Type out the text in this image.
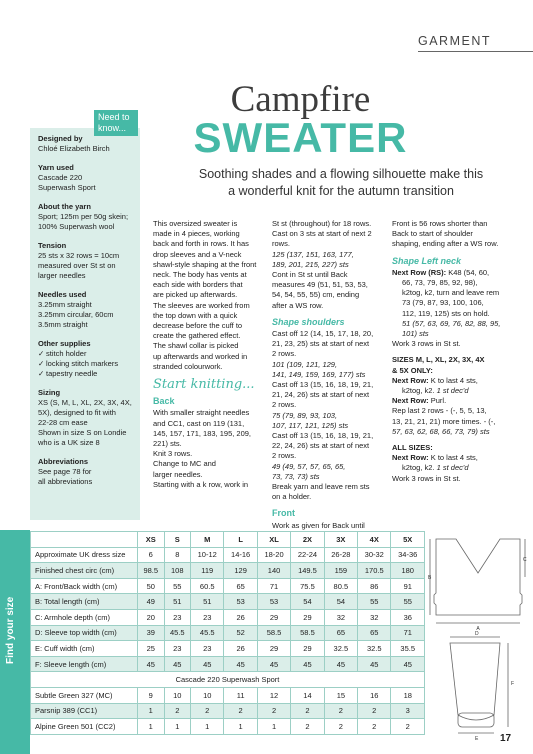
GARMENT
Campfire
SWEATER
Soothing shades and a flowing silhouette make this a wonderful knit for the autumn transition
Designed by
Chloé Elizabeth Birch
Yarn used
Cascade 220
Superwash Sport
About the yarn
Sport; 125m per 50g skein;
100% Superwash wool
Tension
25 sts x 32 rows = 10cm
measured over St st on
larger needles
Needles used
3.25mm straight
3.25mm circular, 60cm
3.5mm straight
Other supplies
✓ stitch holder
✓ locking stitch markers
✓ tapestry needle
Sizing
XS (S, M, L, XL, 2X, 3X, 4X,
5X), designed to fit with
22-28 cm ease
Shown in size S on Londie
who is a UK size 8
Abbreviations
See page 78 for
all abbreviations
Need to know...
This oversized sweater is
made in 4 pieces, working
back and forth in rows. It has
drop sleeves and a V-neck
shawl-style shaping at the front
neck. The body has vents at
each side with borders that
are picked up afterwards.
The sleeves are worked from
the top down with a quick
decrease before the cuff to
create the gathered effect.
The shawl collar is picked
up afterwards and worked in
stranded colourwork.
Start knitting...
Back
With smaller straight needles
and CC1, cast on 119 (131,
145, 157, 171, 183, 195, 209,
221) sts.
Knit 3 rows.
Change to MC and
larger needles.
Starting with a k row, work in
St st (throughout) for 18 rows.
Cast on 3 sts at start of next 2
rows.
125 (137, 151, 163, 177,
189, 201, 215, 227) sts
Cont in St st until Back
measures 49 (51, 51, 53, 53,
54, 54, 55, 55) cm, ending
after a WS row.
Shape shoulders
Cast off 12 (14, 15, 17, 18, 20,
21, 23, 25) sts at start of next
2 rows.
101 (109, 121, 129,
141, 149, 159, 169, 177) sts
Cast off 13 (15, 16, 18, 19, 21,
21, 24, 26) sts at start of next
2 rows.
75 (79, 89, 93, 103,
107, 117, 121, 125) sts
Cast off 13 (15, 16, 18, 19, 21,
22, 24, 26) sts at start of next
2 rows.
49 (49, 57, 57, 65, 65,
73, 73, 73) sts
Break yarn and leave rem sts
on a holder.
Front
Work as given for Back until
Front is 56 rows shorter than
Back to start of shoulder
shaping, ending after a WS row.
Shape Left neck
Next Row (RS): K48 (54, 60,
66, 73, 79, 85, 92, 98),
k2tog, k2, turn and leave rem
73 (79, 87, 93, 100, 106,
112, 119, 125) sts on hold.
51 (57, 63, 69, 76, 82, 88, 95,
101) sts
Work 3 rows in St st.
SIZES M, L, XL, 2X, 3X, 4X
& 5X ONLY:
Next Row: K to last 4 sts,
k2tog, k2. 1 st dec'd
Next Row: Purl.
Rep last 2 rows - (-, 5, 5, 13,
13, 21, 21, 21) more times. - (-,
57, 63, 62, 68, 66, 73, 79) sts
ALL SIZES:
Next Row: K to last 4 sts,
k2tog, k2. 1 st dec'd
Work 3 rows in St st.
Find your size
	XS	S	M	L	XL	2X	3X	4X	5X
Approximate UK dress size	6	8	10-12	14-16	18-20	22-24	26-28	30-32	34-36
Finished chest circ (cm)	98.5	108	119	129	140	149.5	159	170.5	180
A: Front/Back width (cm)	50	55	60.5	65	71	75.5	80.5	86	91
B: Total length (cm)	49	51	51	53	53	54	54	55	55
C: Armhole depth (cm)	20	23	23	26	29	29	32	32	36
D: Sleeve top width (cm)	39	45.5	45.5	52	58.5	58.5	65	65	71
E: Cuff width (cm)	25	23	23	26	29	29	32.5	32.5	35.5
F: Sleeve length (cm)	45	45	45	45	45	45	45	45	45
Cascade 220 Superwash Sport									
Subtle Green 327 (MC)	9	10	10	11	12	14	15	16	18
Parsnip 389 (CC1)	1	2	2	2	2	2	2	2	3
Alpine Green 501 (CC2)	1	1	1	1	1	2	2	2	2
A
B
C
D
E
F
17
